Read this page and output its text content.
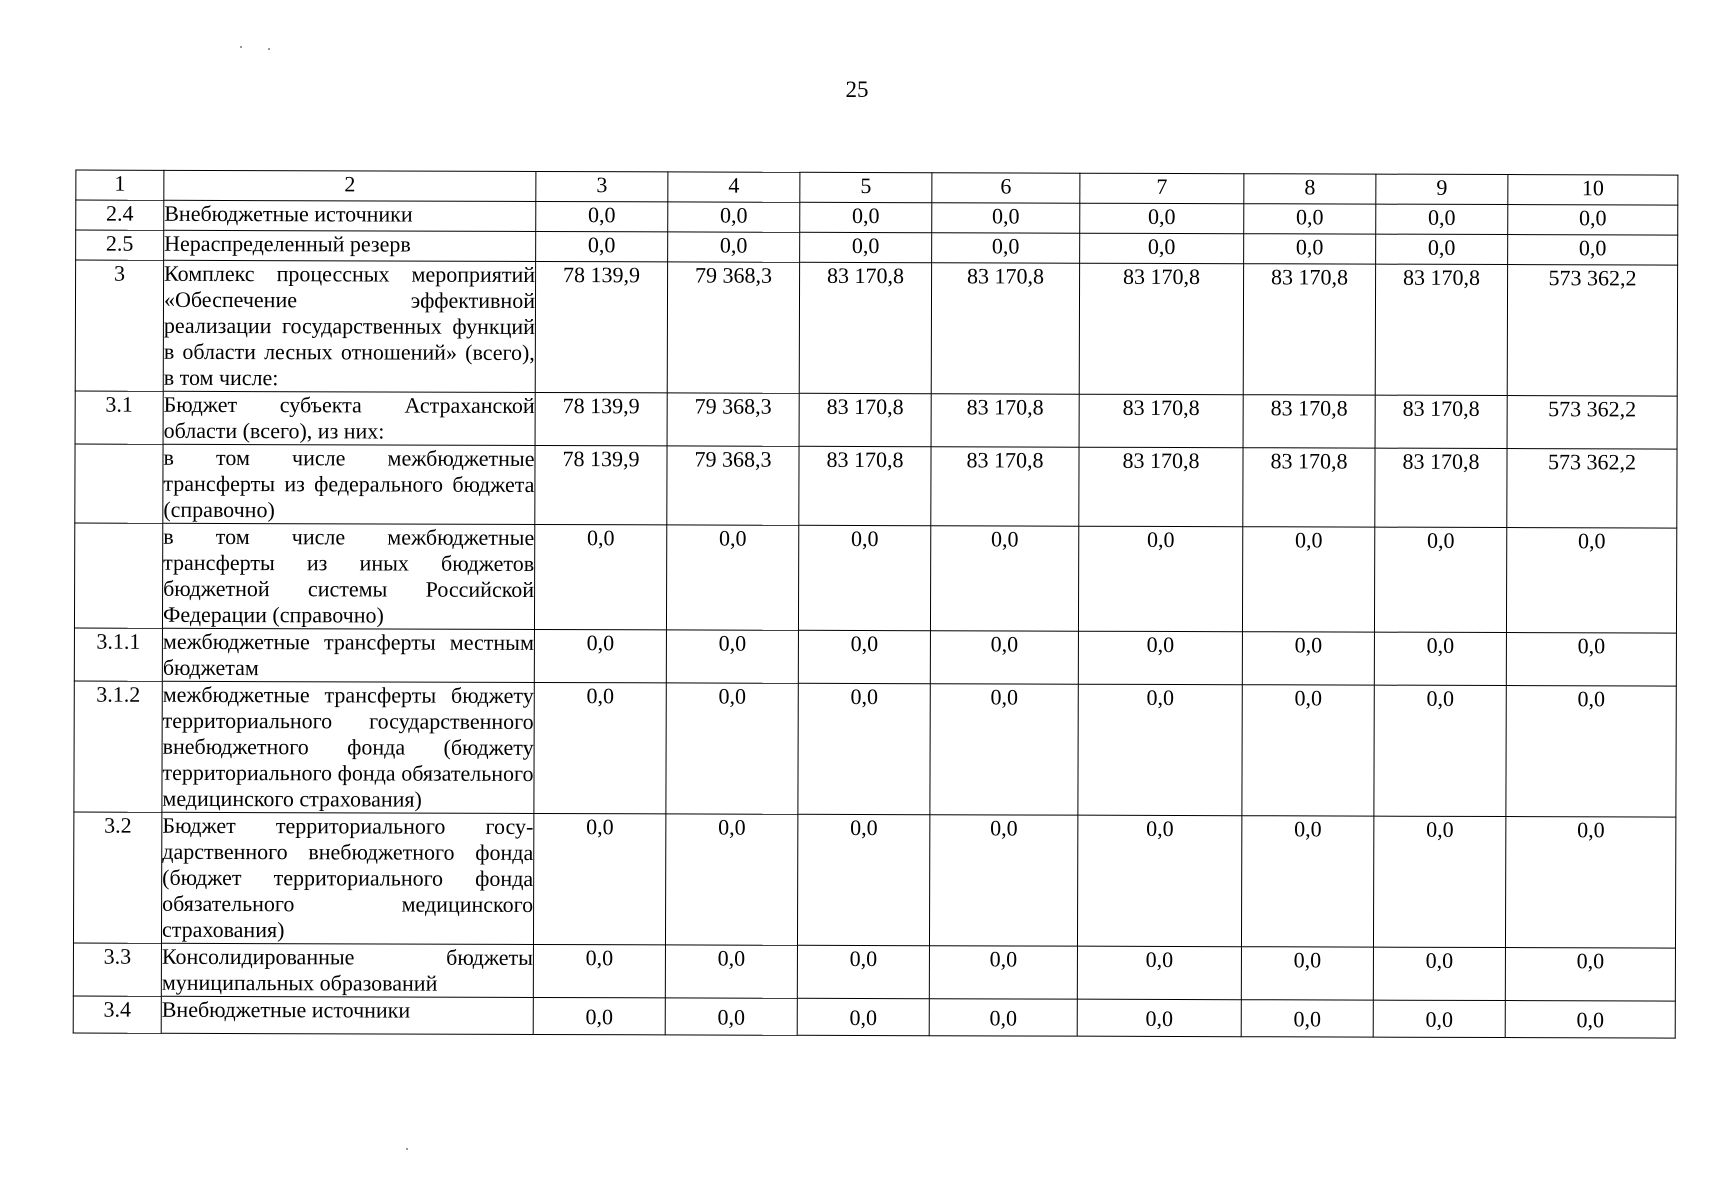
25
1	2	3	4	5	6	7	8	9	10
2.4	Внебюджетные источники	0,0	0,0	0,0	0,0	0,0	0,0	0,0	0,0
2.5	Нераспределенный резерв	0,0	0,0	0,0	0,0	0,0	0,0	0,0	0,0
3	Комплекс процессных мероприятий «Обеспечение эффективной реализации государственных функций в области лесных отношений» (всего), в том числе:	78 139,9	79 368,3	83 170,8	83 170,8	83 170,8	83 170,8	83 170,8	573 362,2
3.1	Бюджет субъекта Астраханской области (всего), из них:	78 139,9	79 368,3	83 170,8	83 170,8	83 170,8	83 170,8	83 170,8	573 362,2
	в том числе межбюджетные трансферты из федерального бюджета (справочно)	78 139,9	79 368,3	83 170,8	83 170,8	83 170,8	83 170,8	83 170,8	573 362,2
	в том числе межбюджетные трансферты из иных бюджетов бюджетной системы Российской Федерации (справочно)	0,0	0,0	0,0	0,0	0,0	0,0	0,0	0,0
3.1.1	межбюджетные трансферты местным бюджетам	0,0	0,0	0,0	0,0	0,0	0,0	0,0	0,0
3.1.2	межбюджетные трансферты бюджету территориального государственного внебюджетного фонда (бюджету территориального фонда обязательного медицинского страхования)	0,0	0,0	0,0	0,0	0,0	0,0	0,0	0,0
3.2	Бюджет территориального государственного внебюджетного фонда (бюджет территориального фонда обязательного медицинского страхования)	0,0	0,0	0,0	0,0	0,0	0,0	0,0	0,0
3.3	Консолидированные бюджеты муниципальных образований	0,0	0,0	0,0	0,0	0,0	0,0	0,0	0,0
3.4	Внебюджетные источники	0,0	0,0	0,0	0,0	0,0	0,0	0,0	0,0
